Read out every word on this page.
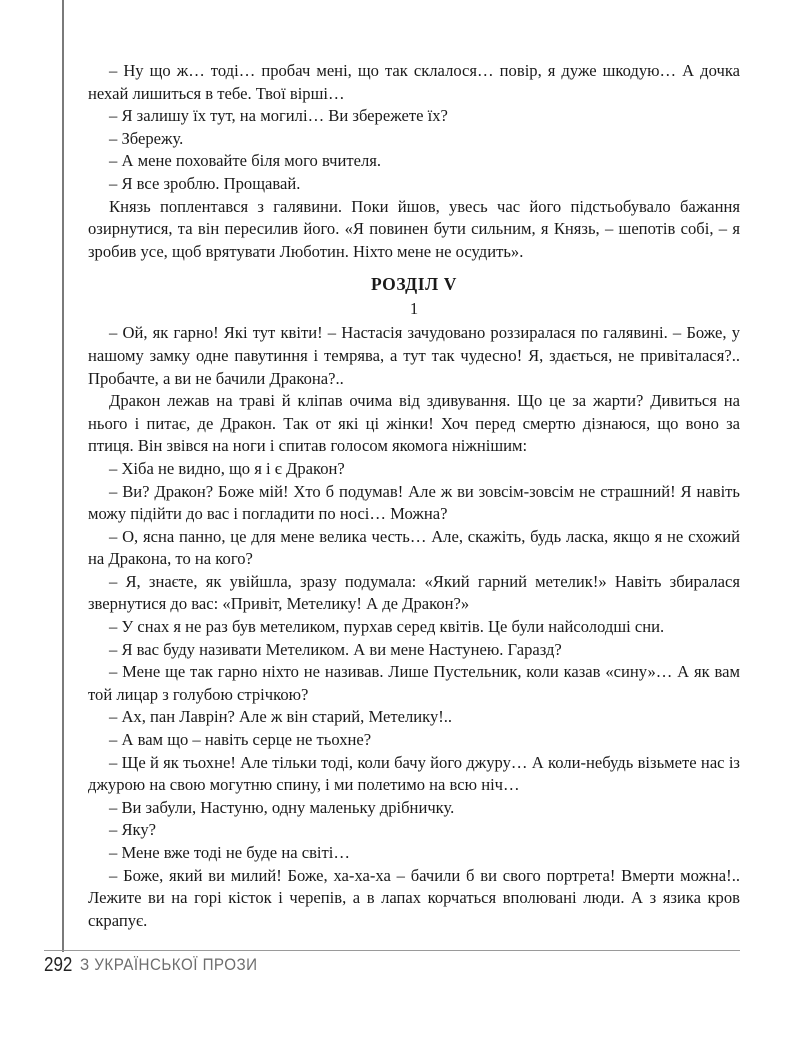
– Ну що ж… тоді… пробач мені, що так склалося… повір, я дуже шкодую… А дочка нехай лишиться в тебе. Твої вірші…

– Я залишу їх тут, на могилі… Ви збережете їх?

– Збережу.

– А мене поховайте біля мого вчителя.

– Я все зроблю. Прощавай.

Князь поплентався з галявини. Поки йшов, увесь час його підстьобувало бажання озирнутися, та він пересилив його. «Я повинен бути сильним, я Князь, – шепотів собі, – я зробив усе, щоб врятувати Люботин. Ніхто мене не осудить».

РОЗДІЛ V
1

– Ой, як гарно! Які тут квіти! – Настасія зачудовано роззиралася по галявині. – Боже, у нашому замку одне павутиння і темрява, а тут так чудесно! Я, здається, не привіталася?.. Пробачте, а ви не бачили Дракона?..

Дракон лежав на траві й кліпав очима від здивування. Що це за жарти? Дивиться на нього і питає, де Дракон. Так от які ці жінки! Хоч перед смертю дізнаюся, що воно за птиця. Він звівся на ноги і спитав голосом якомога ніжнішим:

– Хіба не видно, що я і є Дракон?

– Ви? Дракон? Боже мій! Хто б подумав! Але ж ви зовсім-зовсім не страшний! Я навіть можу підійти до вас і погладити по носі… Можна?

– О, ясна панно, це для мене велика честь… Але, скажіть, будь ласка, якщо я не схожий на Дракона, то на кого?

– Я, знаєте, як увійшла, зразу подумала: «Який гарний метелик!» Навіть збиралася звернутися до вас: «Привіт, Метелику! А де Дракон?»

– У снах я не раз був метеликом, пурхав серед квітів. Це були найсолодші сни.

– Я вас буду називати Метеликом. А ви мене Настунею. Гаразд?

– Мене ще так гарно ніхто не називав. Лише Пустельник, коли казав «сину»… А як вам той лицар з голубою стрічкою?

– Ах, пан Лаврін? Але ж він старий, Метелику!..

– А вам що – навіть серце не тьохне?

– Ще й як тьохне! Але тільки тоді, коли бачу його джуру… А коли-небудь візьмете нас із джурою на свою могутню спину, і ми полетимо на всю ніч…

– Ви забули, Настуню, одну маленьку дрібничку.

– Яку?

– Мене вже тоді не буде на світі…

– Боже, який ви милий! Боже, ха-ха-ха – бачили б ви свого портрета! Вмерти можна!.. Лежите ви на горі кісток і черепів, а в лапах корчаться вполювані люди. А з язика кров скрапує.

292 З УКРАЇНСЬКОЇ ПРОЗИ
